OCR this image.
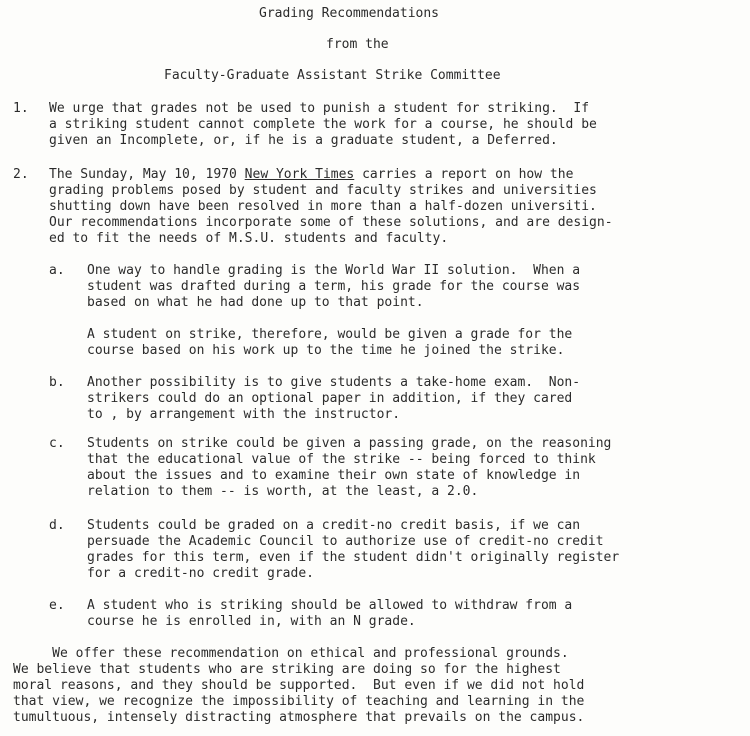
Grading Recommendations
from the
Faculty-Graduate Assistant Strike Committee
1. We urge that grades not be used to punish a student for striking.  If
a striking student cannot complete the work for a course, he should be
given an Incomplete, or, if he is a graduate student, a Deferred.
2. The Sunday, May 10, 1970 New York Times carries a report on how the
grading problems posed by student and faculty strikes and universities
shutting down have been resolved in more than a half-dozen universiti.
Our recommendations incorporate some of these solutions, and are design-
ed to fit the needs of M.S.U. students and faculty.
a. One way to handle grading is the World War II solution.  When a
student was drafted during a term, his grade for the course was
based on what he had done up to that point.
A student on strike, therefore, would be given a grade for the
course based on his work up to the time he joined the strike.
b. Another possibility is to give students a take-home exam.  Non-
strikers could do an optional paper in addition, if they cared
to , by arrangement with the instructor.
c. Students on strike could be given a passing grade, on the reasoning
that the educational value of the strike -- being forced to think
about the issues and to examine their own state of knowledge in
relation to them -- is worth, at the least, a 2.0.
d. Students could be graded on a credit-no credit basis, if we can
persuade the Academic Council to authorize use of credit-no credit
grades for this term, even if the student didn't originally register
for a credit-no credit grade.
e. A student who is striking should be allowed to withdraw from a
course he is enrolled in, with an N grade.
We offer these recommendation on ethical and professional grounds.
We believe that students who are striking are doing so for the highest
moral reasons, and they should be supported.  But even if we did not hold
that view, we recognize the impossibility of teaching and learning in the
tumultuous, intensely distracting atmosphere that prevails on the campus.
